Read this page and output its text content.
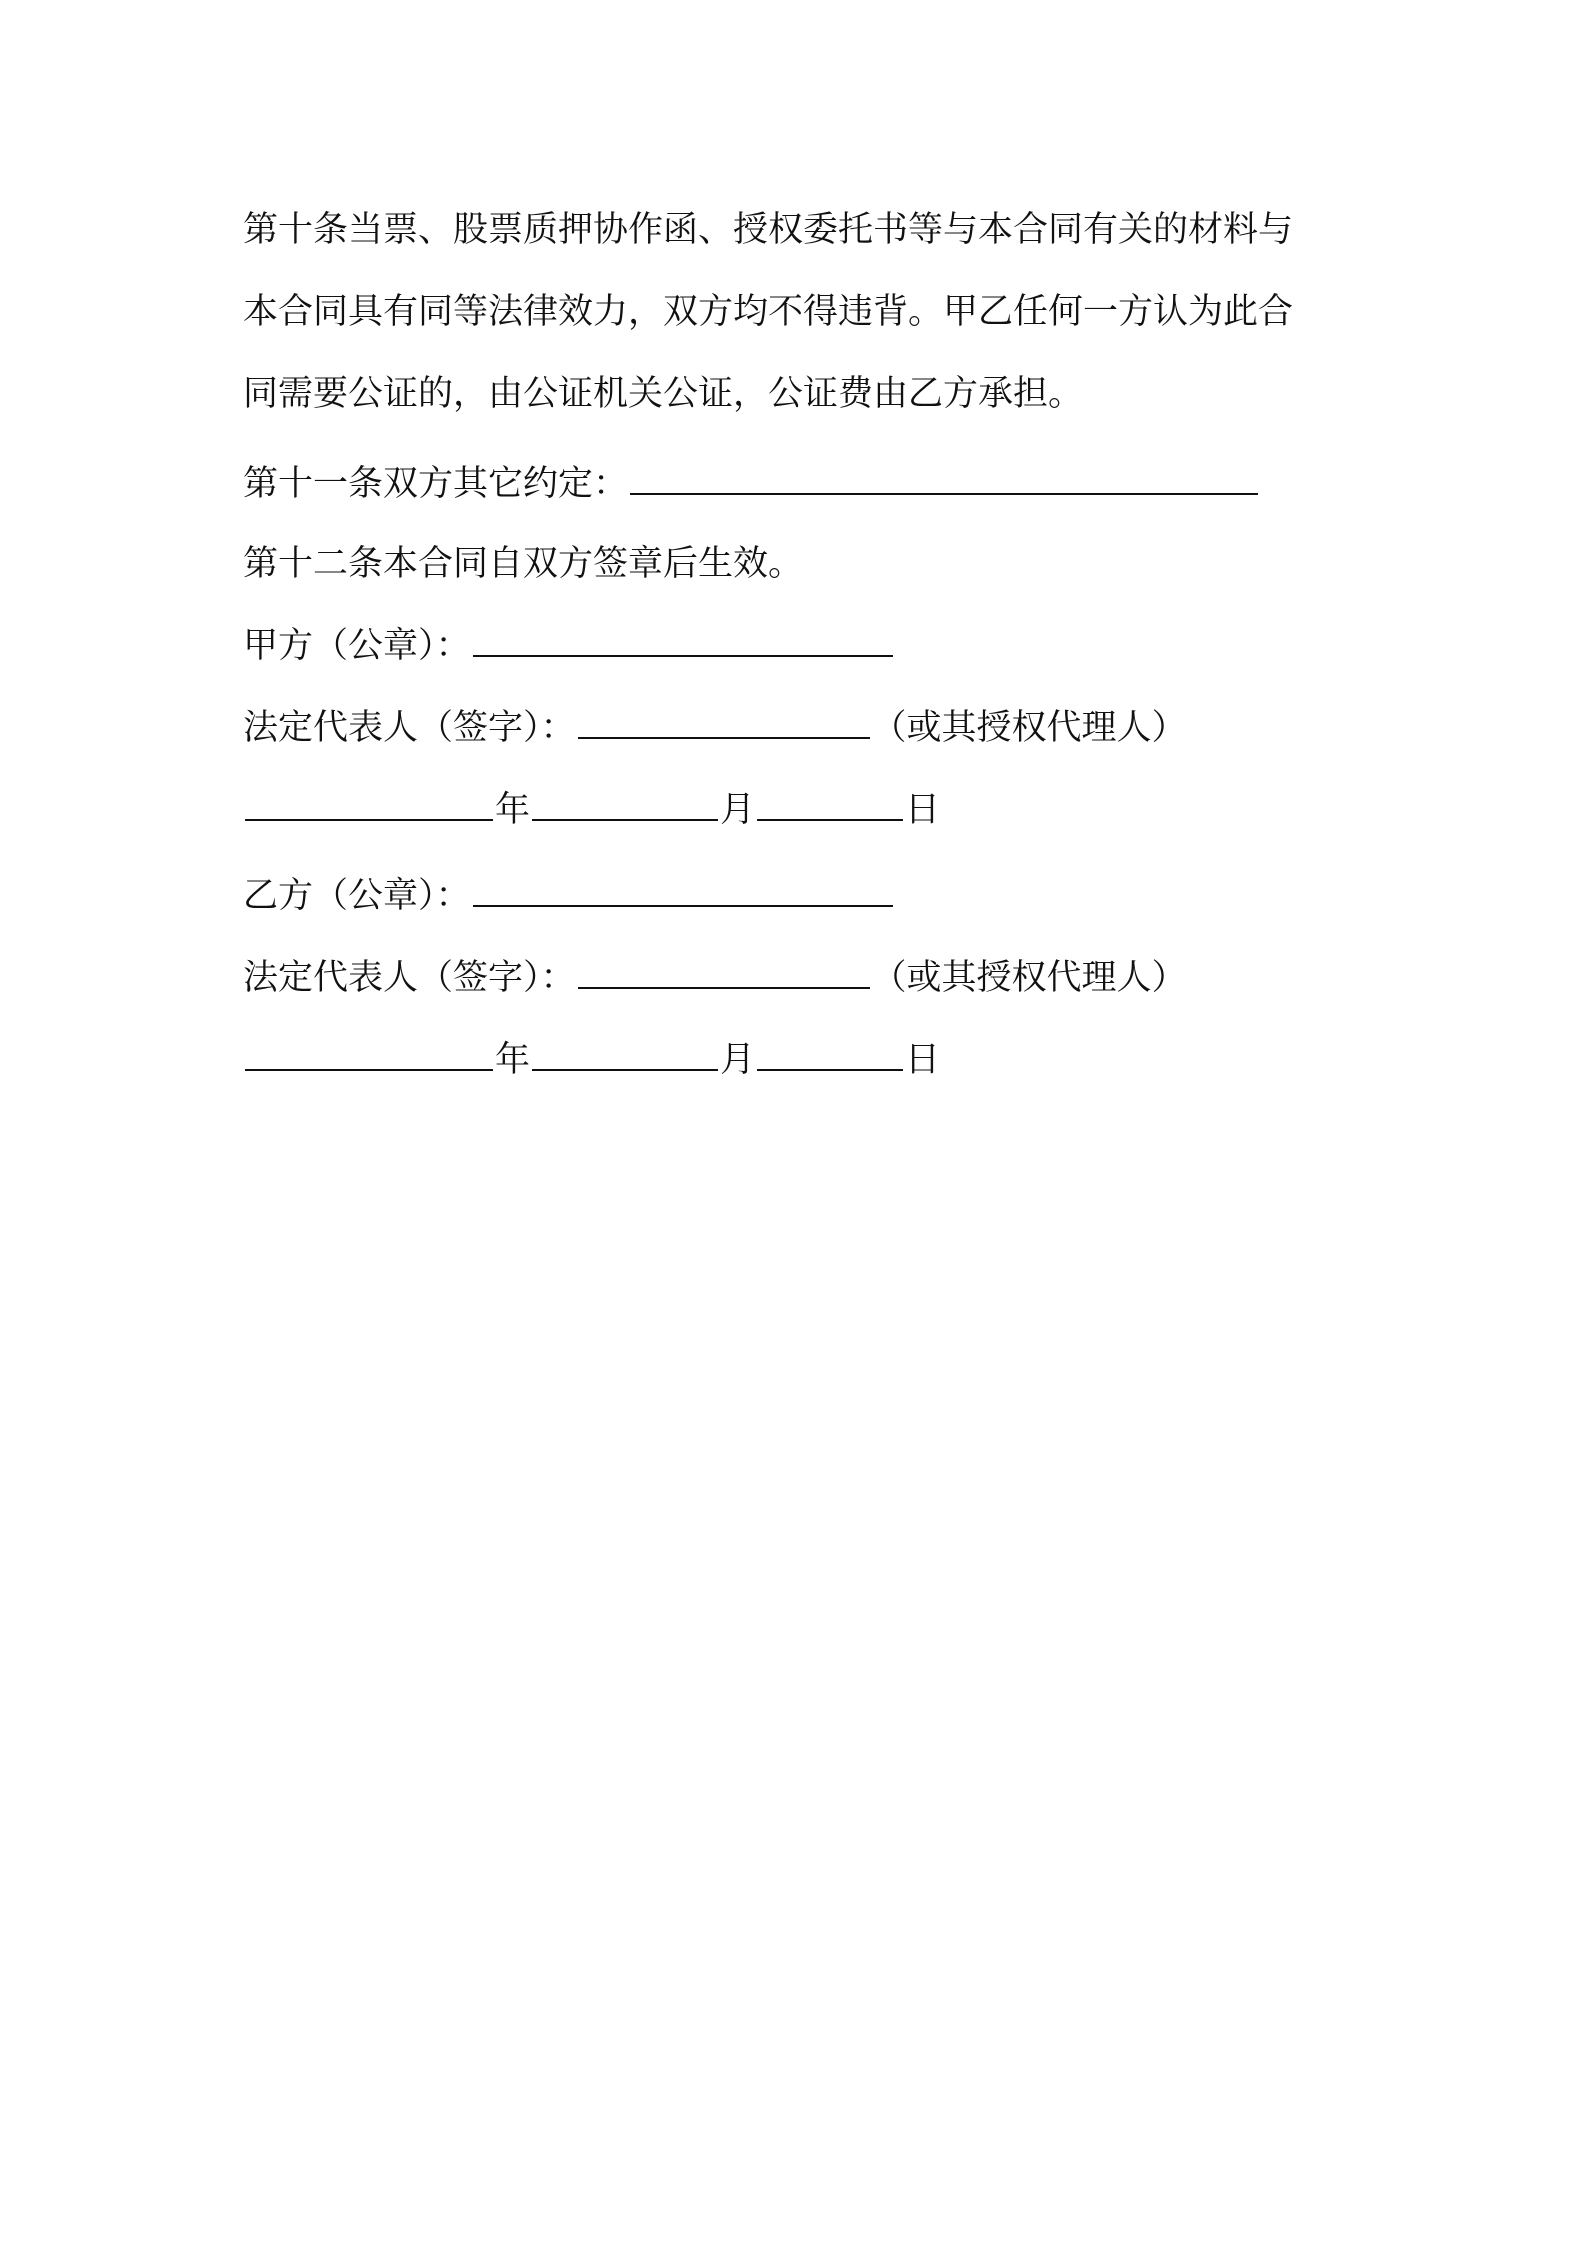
第十条当票、股票质押协作函、授权委托书等与本合同有关的材料与
本合同具有同等法律效力，双方均不得违背。甲乙任何一方认为此合
同需要公证的，由公证机关公证，公证费由乙方承担。
第十一条双方其它约定：
第十二条本合同自双方签章后生效。
甲方（公章）：
法定代表人（签字）：	（或其授权代理人）
年	月	日
乙方（公章）：
法定代表人（签字）：	（或其授权代理人）
年	月	日
